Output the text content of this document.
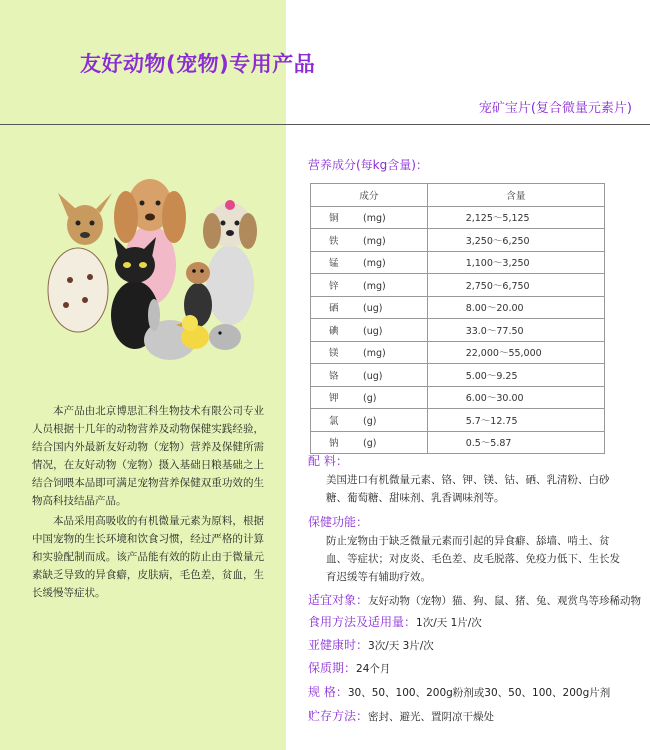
友好动物(宠物)专用产品
宠矿宝片(复合微量元素片)

本产品由北京博思汇科生物技术有限公司专业人员根据十几年的动物营养及动物保健实践经验，结合国内外最新友好动物（宠物）营养及保健所需情况，在友好动物（宠物）摄入基础日粮基础之上结合饲喂本品即可满足宠物营养保健双重功效的生物高科技结晶产品。

本品采用高吸收的有机微量元素为原料，根据中国宠物的生长环境和饮食习惯，经过严格的计算和实验配制而成。该产品能有效的防止由于微量元素缺乏导致的异食癖，皮肤病，毛色差，贫血，生长缓慢等症状。

营养成分(每kg含量)：
成分	含量
铜 (mg)	2,125～5,125
铁 (mg)	3,250～6,250
锰 (mg)	1,100～3,250
锌 (mg)	2,750～6,750
硒 (ug)	8.00～20.00
碘 (ug)	33.0～77.50
镁 (mg)	22,000～55,000
铬 (ug)	5.00～9.25
钾 (g)	6.00～30.00
氯 (g)	5.7～12.75
钠 (g)	0.5～5.87
配 料：
美国进口有机微量元素、铬、钾、镁、钴、硒、乳清粉、白砂糖、葡萄糖、甜味剂、乳香调味剂等。
保健功能：
防止宠物由于缺乏微量元素而引起的异食癖、舔墙、啃土、贫血、等症状；对皮炎、毛色差、皮毛脱落、免疫力低下、生长发育迟缓等有辅助疗效。
适宜对象：友好动物（宠物）猫、狗、鼠、猪、兔、观赏鸟等珍稀动物
食用方法及适用量：1次/天 1片/次
亚健康时：3次/天 3片/次
保质期：24个月
规 格：30、50、100、200g粉剂或30、50、100、200g片剂
贮存方法：密封、避光、置阴凉干燥处
